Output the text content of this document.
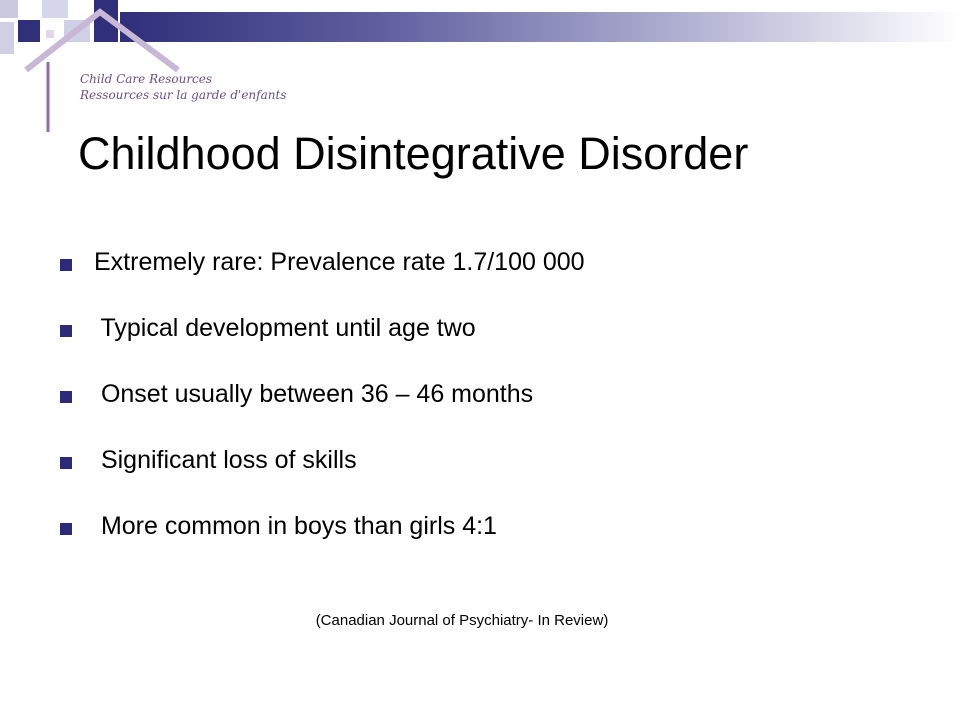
Child Care Resources
Ressources sur la garde d'enfants
Childhood Disintegrative Disorder
Extremely rare: Prevalence rate 1.7/100 000
Typical development until age two
Onset usually between 36 – 46 months
Significant loss of skills
More common in boys than girls 4:1
(Canadian Journal of Psychiatry- In Review)
